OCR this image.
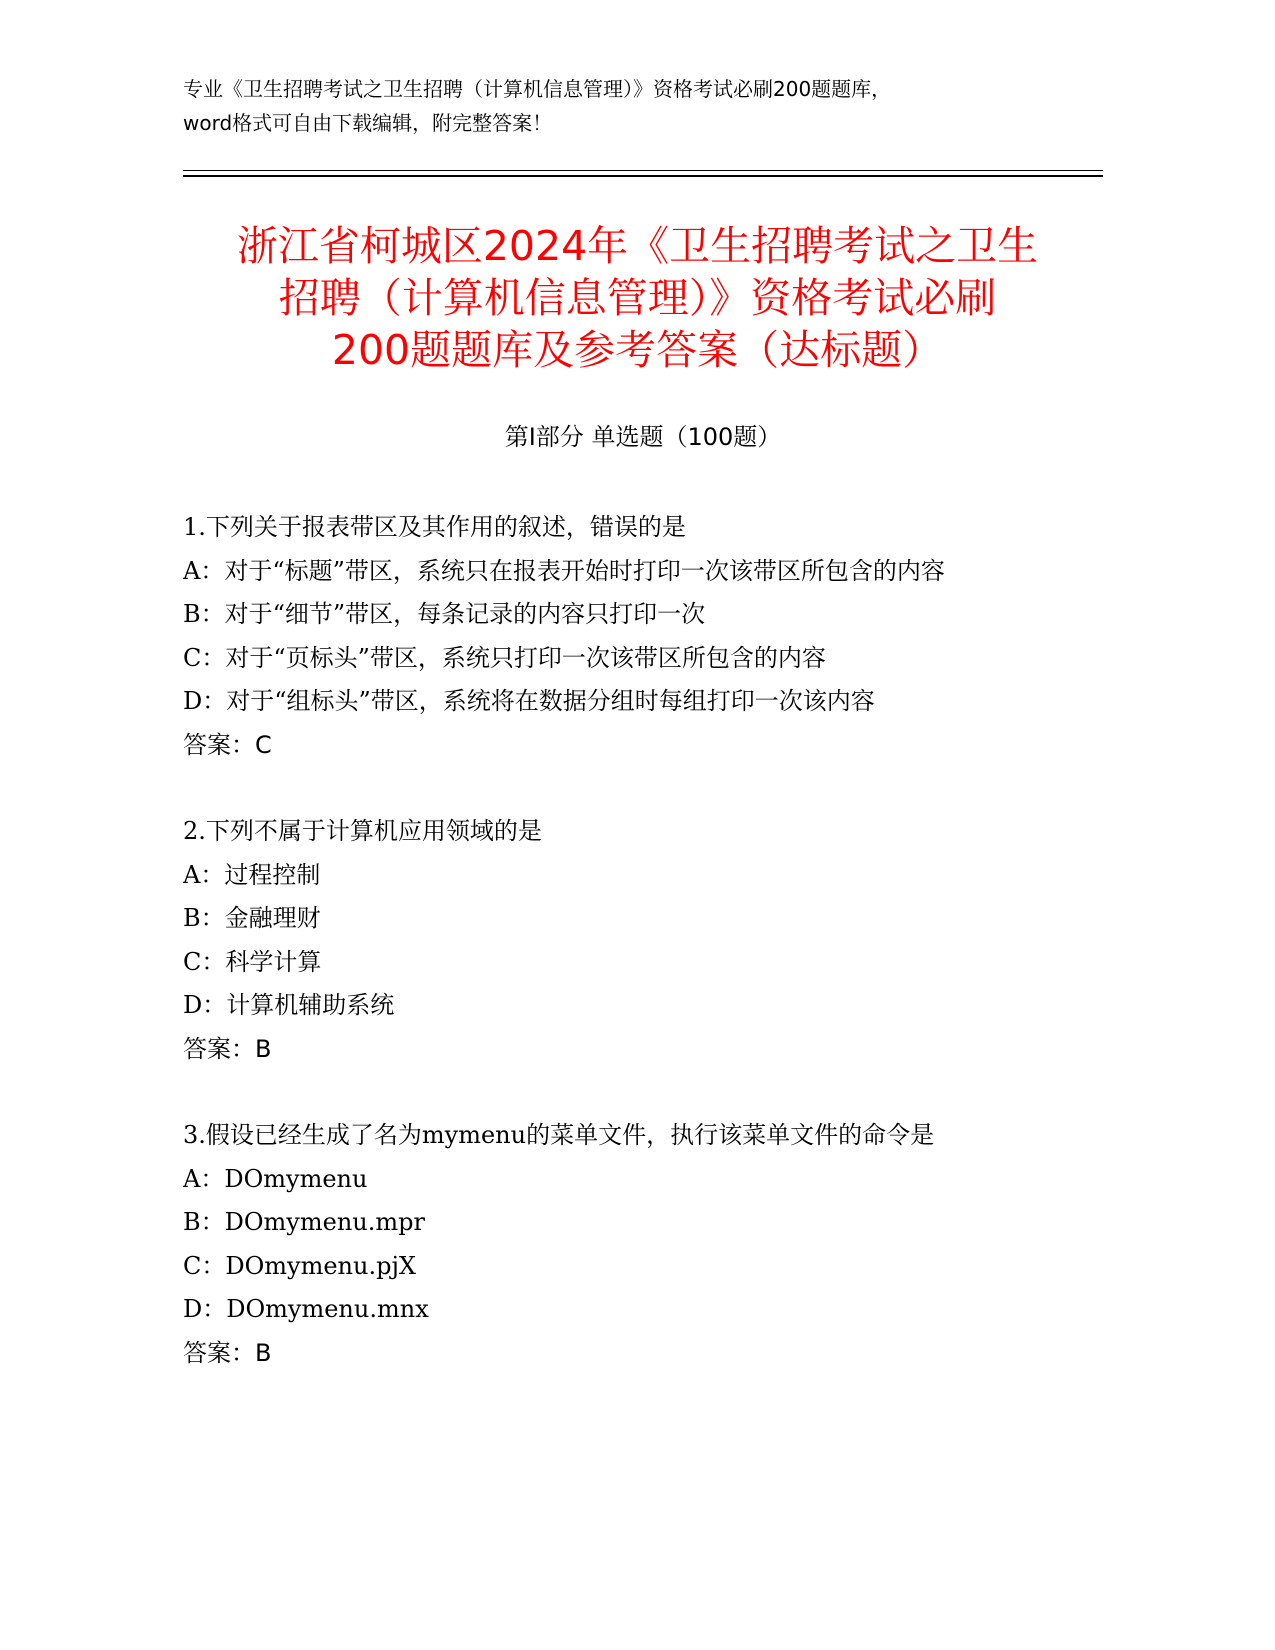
专业《卫生招聘考试之卫生招聘（计算机信息管理）》资格考试必刷200题题库，
word格式可自由下载编辑，附完整答案！
浙江省柯城区2024年《卫生招聘考试之卫生
招聘（计算机信息管理）》资格考试必刷
200题题库及参考答案（达标题）
第Ⅰ部分 单选题（100题）
1.下列关于报表带区及其作用的叙述，错误的是
A：对于“标题”带区，系统只在报表开始时打印一次该带区所包含的内容
B：对于“细节”带区，每条记录的内容只打印一次
C：对于“页标头”带区，系统只打印一次该带区所包含的内容
D：对于“组标头”带区，系统将在数据分组时每组打印一次该内容
答案：C
2.下列不属于计算机应用领域的是
A：过程控制
B：金融理财
C：科学计算
D：计算机辅助系统
答案：B
3.假设已经生成了名为mymenu的菜单文件，执行该菜单文件的命令是
A：DOmymenu
B：DOmymenu.mpr
C：DOmymenu.pjX
D：DOmymenu.mnx
答案：B
